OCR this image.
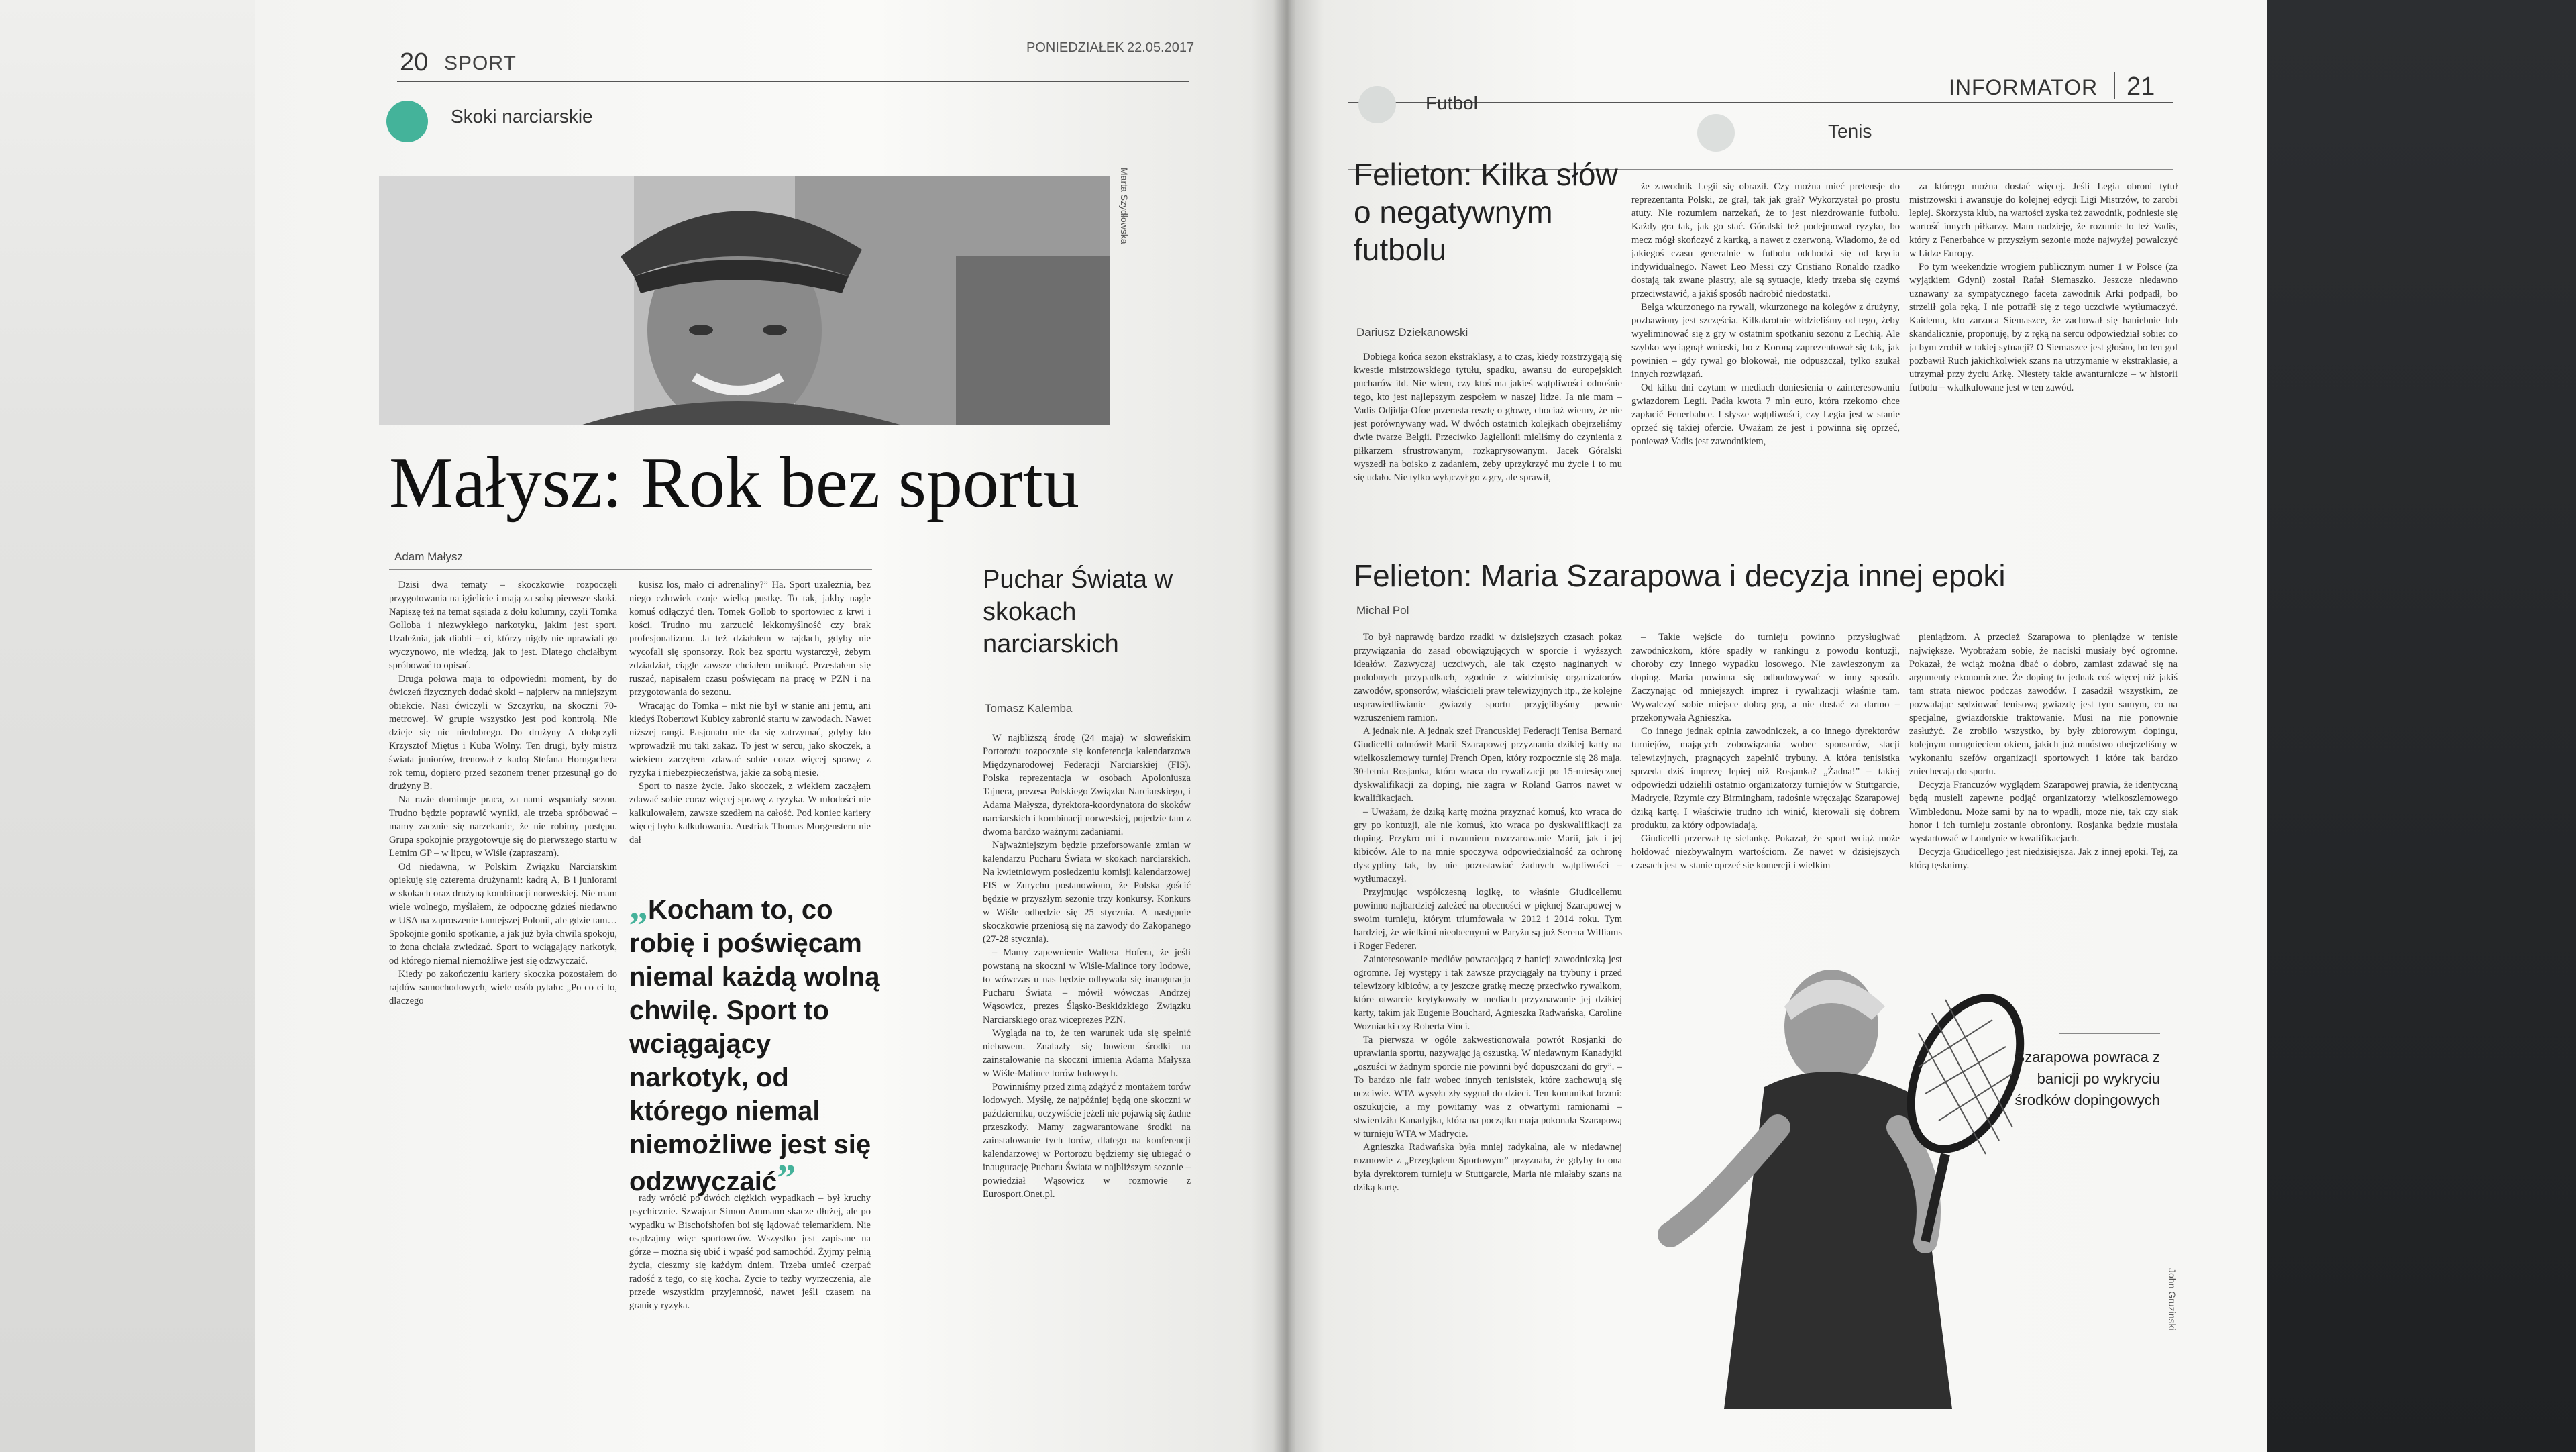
20 SPORT
PONIEDZIAŁEK 22.05.2017
Skoki narciarskie
Marta Szydłowska
Małysz: Rok bez sportu
Adam Małysz

Dzisi dwa tematy – skoczkowie rozpoczęli przygotowania na igielicie i mają za sobą pierwsze skoki. Napiszę też na temat sąsiada z dołu kolumny, czyli Tomka Golloba i niezwykłego narkotyku, jakim jest sport. Uzależnia, jak diabli – ci, którzy nigdy nie uprawiali go wyczynowo, nie wiedzą, jak to jest. Dlatego chciałbym spróbować to opisać.

Druga połowa maja to odpowiedni moment, by do ćwiczeń fizycznych dodać skoki – najpierw na mniejszym obiekcie. Nasi ćwiczyli w Szczyrku, na skoczni 70-metrowej. W grupie wszystko jest pod kontrolą. Nie dzieje się nic niedobrego. Do drużyny A dołączyli Krzysztof Miętus i Kuba Wolny. Ten drugi, były mistrz świata juniorów, trenował z kadrą Stefana Horngachera rok temu, dopiero przed sezonem trener przesunął go do drużyny B.

Na razie dominuje praca, za nami wspaniały sezon. Trudno będzie poprawić wyniki, ale trzeba spróbować – mamy zacznie się narzekanie, że nie robimy postępu. Grupa spokojnie przygotowuje się do pierwszego startu w Letnim GP – w lipcu, w Wiśle (zapraszam).

Od niedawna, w Polskim Związku Narciarskim opiekuję się czterema drużynami: kadrą A, B i juniorami w skokach oraz drużyną kombinacji norweskiej. Nie mam wiele wolnego, myślałem, że odpocznę gdzieś niedawno w USA na zaproszenie tamtejszej Polonii, ale gdzie tam… Spokojnie goniło spotkanie, a jak już była chwila spokoju, to żona chciała zwiedzać. Sport to wciągający narkotyk, od którego niemal niemożliwe jest się odzwyczaić.

Kiedy po zakończeniu kariery skoczka pozostałem do rajdów samochodowych, wiele osób pytało: „Po co ci to, dlaczego

kusisz los, mało ci adrenaliny?” Ha. Sport uzależnia, bez niego człowiek czuje wielką pustkę. To tak, jakby nagle komuś odłączyć tlen. Tomek Gollob to sportowiec z krwi i kości. Trudno mu zarzucić lekkomyślność czy brak profesjonalizmu. Ja też działałem w rajdach, gdyby nie wycofali się sponsorzy. Rok bez sportu wystarczył, żebym zdziadział, ciągle zawsze chciałem uniknąć. Przestałem się ruszać, napisałem czasu poświęcam na pracę w PZN i na przygotowania do sezonu.

Wracając do Tomka – nikt nie był w stanie ani jemu, ani kiedyś Robertowi Kubicy zabronić startu w zawodach. Nawet niższej rangi. Pasjonatu nie da się zatrzymać, gdyby kto wprowadził mu taki zakaz. To jest w sercu, jako skoczek, a wiekiem zaczęłem zdawać sobie coraz więcej sprawę z ryzyka i niebezpieczeństwa, jakie za sobą niesie.

Sport to nasze życie. Jako skoczek, z wiekiem zacząłem zdawać sobie coraz więcej sprawę z ryzyka. W młodości nie kalkulowałem, zawsze szedłem na całość. Pod koniec kariery więcej było kalkulowania. Austriak Thomas Morgenstern nie dał

„Kocham to, co robię i poświęcam niemal każdą wolną chwilę. Sport to wciągający narkotyk, od którego niemal niemożliwe jest się odzwyczaić”

rady wrócić po dwóch ciężkich wypadkach – był kruchy psychicznie. Szwajcar Simon Ammann skacze dłużej, ale po wypadku w Bischofshofen boi się lądować telemarkiem. Nie osądzajmy więc sportowców. Wszystko jest zapisane na górze – można się ubić i wpaść pod samochód. Żyjmy pełnią życia, cieszmy się każdym dniem. Trzeba umieć czerpać radość z tego, co się kocha. Życie to teżby wyrzeczenia, ale przede wszystkim przyjemność, nawet jeśli czasem na granicy ryzyka.

Puchar Świata w skokach narciarskich
Tomasz Kalemba

W najbliższą środę (24 maja) w słoweńskim Portorożu rozpocznie się konferencja kalendarzowa Międzynarodowej Federacji Narciarskiej (FIS). Polska reprezentacja w osobach Apoloniusza Tajnera, prezesa Polskiego Związku Narciarskiego, i Adama Małysza, dyrektora-koordynatora do skoków narciarskich i kombinacji norweskiej, pojedzie tam z dwoma bardzo ważnymi zadaniami.

Najważniejszym będzie przeforsowanie zmian w kalendarzu Pucharu Świata w skokach narciarskich. Na kwietniowym posiedzeniu komisji kalendarzowej FIS w Zurychu postanowiono, że Polska gościć będzie w przyszłym sezonie trzy konkursy. Konkurs w Wiśle odbędzie się 25 stycznia. A następnie skoczkowie przeniosą się na zawody do Zakopanego (27-28 stycznia).

– Mamy zapewnienie Waltera Hofera, że jeśli powstaną na skoczni w Wiśle-Malince tory lodowe, to wówczas u nas będzie odbywała się inauguracja Pucharu Świata – mówił wówczas Andrzej Wąsowicz, prezes Śląsko-Beskidzkiego Związku Narciarskiego oraz wiceprezes PZN.

Wygląda na to, że ten warunek uda się spełnić niebawem. Znalazły się bowiem środki na zainstalowanie na skoczni imienia Adama Małysza w Wiśle-Malince torów lodowych.

Powinniśmy przed zimą zdążyć z montażem torów lodowych. Myślę, że najpóźniej będą one skoczni w październiku, oczywiście jeżeli nie pojawią się żadne przeszkody. Mamy zagwarantowane środki na zainstalowanie tych torów, dlatego na konferencji kalendarzowej w Portorożu będziemy się ubiegać o inaugurację Pucharu Świata w najbliższym sezonie – powiedział Wąsowicz w rozmowie z Eurosport.Onet.pl.

INFORMATOR 21
Futbol
Tenis
Felieton: Kilka słów o negatywnym futbolu
Dariusz Dziekanowski

Dobiega końca sezon ekstraklasy, a to czas, kiedy rozstrzygają się kwestie mistrzowskiego tytułu, spadku, awansu do europejskich pucharów itd. Nie wiem, czy ktoś ma jakieś wątpliwości odnośnie tego, kto jest najlepszym zespołem w naszej lidze. Ja nie mam – Vadis Odjidja-Ofoe przerasta resztę o głowę, chociaż wiemy, że nie jest porównywany wad. W dwóch ostatnich kolejkach obejrzeliśmy dwie twarze Belgii. Przeciwko Jagiellonii mieliśmy do czynienia z piłkarzem sfrustrowanym, rozkaprysowanym. Jacek Góralski wyszedł na boisko z zadaniem, żeby uprzykrzyć mu życie i to mu się udało. Nie tylko wyłączył go z gry, ale sprawił,

że zawodnik Legii się obraził. Czy można mieć pretensje do reprezentanta Polski, że grał, tak jak grał? Wykorzystał po prostu atuty. Nie rozumiem narzekań, że to jest niezdrowanie futbolu. Każdy gra tak, jak go stać. Góralski też podejmował ryzyko, bo mecz mógł skończyć z kartką, a nawet z czerwoną. Wiadomo, że od jakiegoś czasu generalnie w futbolu odchodzi się od krycia indywidualnego. Nawet Leo Messi czy Cristiano Ronaldo rzadko dostają tak zwane plastry, ale są sytuacje, kiedy trzeba się czymś przeciwstawić, a jakiś sposób nadrobić niedostatki.

Belga wkurzonego na rywali, wkurzonego na kolegów z drużyny, pozbawiony jest szczęścia. Kilkakrotnie widzieliśmy od tego, żeby wyeliminować się z gry w ostatnim spotkaniu sezonu z Lechią. Ale szybko wyciągnął wnioski, bo z Koroną zaprezentował się tak, jak powinien – gdy rywal go blokował, nie odpuszczał, tylko szukał innych rozwiązań.

Od kilku dni czytam w mediach doniesienia o zainteresowaniu gwiazdorem Legii. Padła kwota 7 mln euro, która rzekomo chce zapłacić Fenerbahce. I słysze wątpliwości, czy Legia jest w stanie oprzeć się takiej ofercie. Uważam że jest i powinna się oprzeć, ponieważ Vadis jest zawodnikiem,

za którego można dostać więcej. Jeśli Legia obroni tytuł mistrzowski i awansuje do kolejnej edycji Ligi Mistrzów, to zarobi lepiej. Skorzysta klub, na wartości zyska też zawodnik, podniesie się wartość innych piłkarzy. Mam nadzieję, że rozumie to też Vadis, który z Fenerbahce w przyszłym sezonie może najwyżej powalczyć w Lidze Europy.

Po tym weekendzie wrogiem publicznym numer 1 w Polsce (za wyjątkiem Gdyni) został Rafał Siemaszko. Jeszcze niedawno uznawany za sympatycznego faceta zawodnik Arki podpadł, bo strzelił gola ręką. I nie potrafił się z tego uczciwie wytłumaczyć. Kaidemu, kto zarzuca Siemaszce, że zachował się haniebnie lub skandalicznie, proponuję, by z ręką na sercu odpowiedział sobie: co ja bym zrobił w takiej sytuacji? O Siemaszce jest głośno, bo ten gol pozbawił Ruch jakichkolwiek szans na utrzymanie w ekstraklasie, a utrzymał przy życiu Arkę. Niestety takie awanturnicze – w historii futbolu – wkalkulowane jest w ten zawód.

Felieton: Maria Szarapowa i decyzja innej epoki
Michał Pol

To był naprawdę bardzo rzadki w dzisiejszych czasach pokaz przywiązania do zasad obowiązujących w sporcie i wyższych ideałów. Zazwyczaj uczciwych, ale tak często naginanych w podobnych przypadkach, zgodnie z widzimisię organizatorów zawodów, sponsorów, właścicieli praw telewizyjnych itp., że kolejne usprawiedliwianie gwiazdy sportu przyjęlibyśmy pewnie wzruszeniem ramion.

A jednak nie. A jednak szef Francuskiej Federacji Tenisa Bernard Giudicelli odmówił Marii Szarapowej przyznania dzikiej karty na wielkoszlemowy turniej French Open, który rozpocznie się 28 maja. 30-letnia Rosjanka, która wraca do rywalizacji po 15-miesięcznej dyskwalifikacji za doping, nie zagra w Roland Garros nawet w kwalifikacjach.

– Uważam, że dziką kartę można przyznać komuś, kto wraca do gry po kontuzji, ale nie komuś, kto wraca po dyskwalifikacji za doping. Przykro mi i rozumiem rozczarowanie Marii, jak i jej kibiców. Ale to na mnie spoczywa odpowiedzialność za ochronę dyscypliny tak, by nie pozostawiać żadnych wątpliwości – wytłumaczył.

Przyjmując współczesną logikę, to właśnie Giudicellemu powinno najbardziej zależeć na obecności w pięknej Szarapowej w swoim turnieju, którym triumfowała w 2012 i 2014 roku. Tym bardziej, że wielkimi nieobecnymi w Paryżu są już Serena Williams i Roger Federer.

Zainteresowanie mediów powracającą z banicji zawodniczką jest ogromne. Jej występy i tak zawsze przyciągały na trybuny i przed telewizory kibiców, a ty jeszcze gratkę meczę przeciwko rywalkom, które otwarcie krytykowały w mediach przyznawanie jej dzikiej karty, takim jak Eugenie Bouchard, Agnieszka Radwańska, Caroline Wozniacki czy Roberta Vinci.

Ta pierwsza w ogóle zakwestionowała powrót Rosjanki do uprawiania sportu, nazywając ją oszustką. W niedawnym Kanadyjki „oszuści w żadnym sporcie nie powinni być dopuszczani do gry”. – To bardzo nie fair wobec innych tenisistek, które zachowują się uczciwie. WTA wysyła zły sygnał do dzieci. Ten komunikat brzmi: oszukujcie, a my powitamy was z otwartymi ramionami – stwierdziła Kanadyjka, która na początku maja pokonała Szarapową w turnieju WTA w Madrycie.

Agnieszka Radwańska była mniej radykalna, ale w niedawnej rozmowie z „Przeglądem Sportowym” przyznała, że gdyby to ona była dyrektorem turnieju w Stuttgarcie, Maria nie miałaby szans na dziką kartę.

– Takie wejście do turnieju powinno przysługiwać zawodniczkom, które spadły w rankingu z powodu kontuzji, choroby czy innego wypadku losowego. Nie zawieszonym za doping. Maria powinna się odbudowywać w inny sposób. Zaczynając od mniejszych imprez i rywalizacji właśnie tam. Wywalczyć sobie miejsce dobrą grą, a nie dostać za darmo – przekonywała Agnieszka.

Co innego jednak opinia zawodniczek, a co innego dyrektorów turniejów, mających zobowiązania wobec sponsorów, stacji telewizyjnych, pragnących zapełnić trybuny. A która tenisistka sprzeda dziś imprezę lepiej niż Rosjanka? „Żadna!” – takiej odpowiedzi udzielili ostatnio organizatorzy turniejów w Stuttgarcie, Madrycie, Rzymie czy Birmingham, radośnie wręczając Szarapowej dziką kartę. I właściwie trudno ich winić, kierowali się dobrem produktu, za który odpowiadają.

Giudicelli przerwał tę sielankę. Pokazał, że sport wciąż może hołdować niezbywalnym wartościom. Że nawet w dzisiejszych czasach jest w stanie oprzeć się komercji i wielkim

pieniądzom. A przecież Szarapowa to pieniądze w tenisie największe. Wyobrażam sobie, że naciski musiały być ogromne. Pokazał, że wciąż można dbać o dobro, zamiast zdawać się na argumenty ekonomiczne. Że doping to jednak coś więcej niż jakiś tam strata niewoc podczas zawodów. I zasadził wszystkim, że pozwalając sędziować tenisową gwiazdę jest tym samym, co na specjalne, gwiazdorskie traktowanie. Musi na nie ponownie zasłużyć. Ze zrobiło wszystko, by były zbiorowym dopingu, kolejnym mrugnięciem okiem, jakich już mnóstwo obejrzeliśmy w wykonaniu szefów organizacji sportowych i które tak bardzo zniechęcają do sportu.

Decyzja Francuzów wyglądem Szarapowej prawia, że identyczną będą musieli zapewne podjąć organizatorzy wielkoszlemowego Wimbledonu. Może sami by na to wpadli, może nie, tak czy siak honor i ich turnieju zostanie obroniony. Rosjanka będzie musiała wystartować w Londynie w kwalifikacjach.

Decyzja Giudicellego jest niedzisiejsza. Jak z innej epoki. Tej, za którą tęsknimy.

Szarapowa powraca z banicji po wykryciu środków dopingowych
John Gruzinski
